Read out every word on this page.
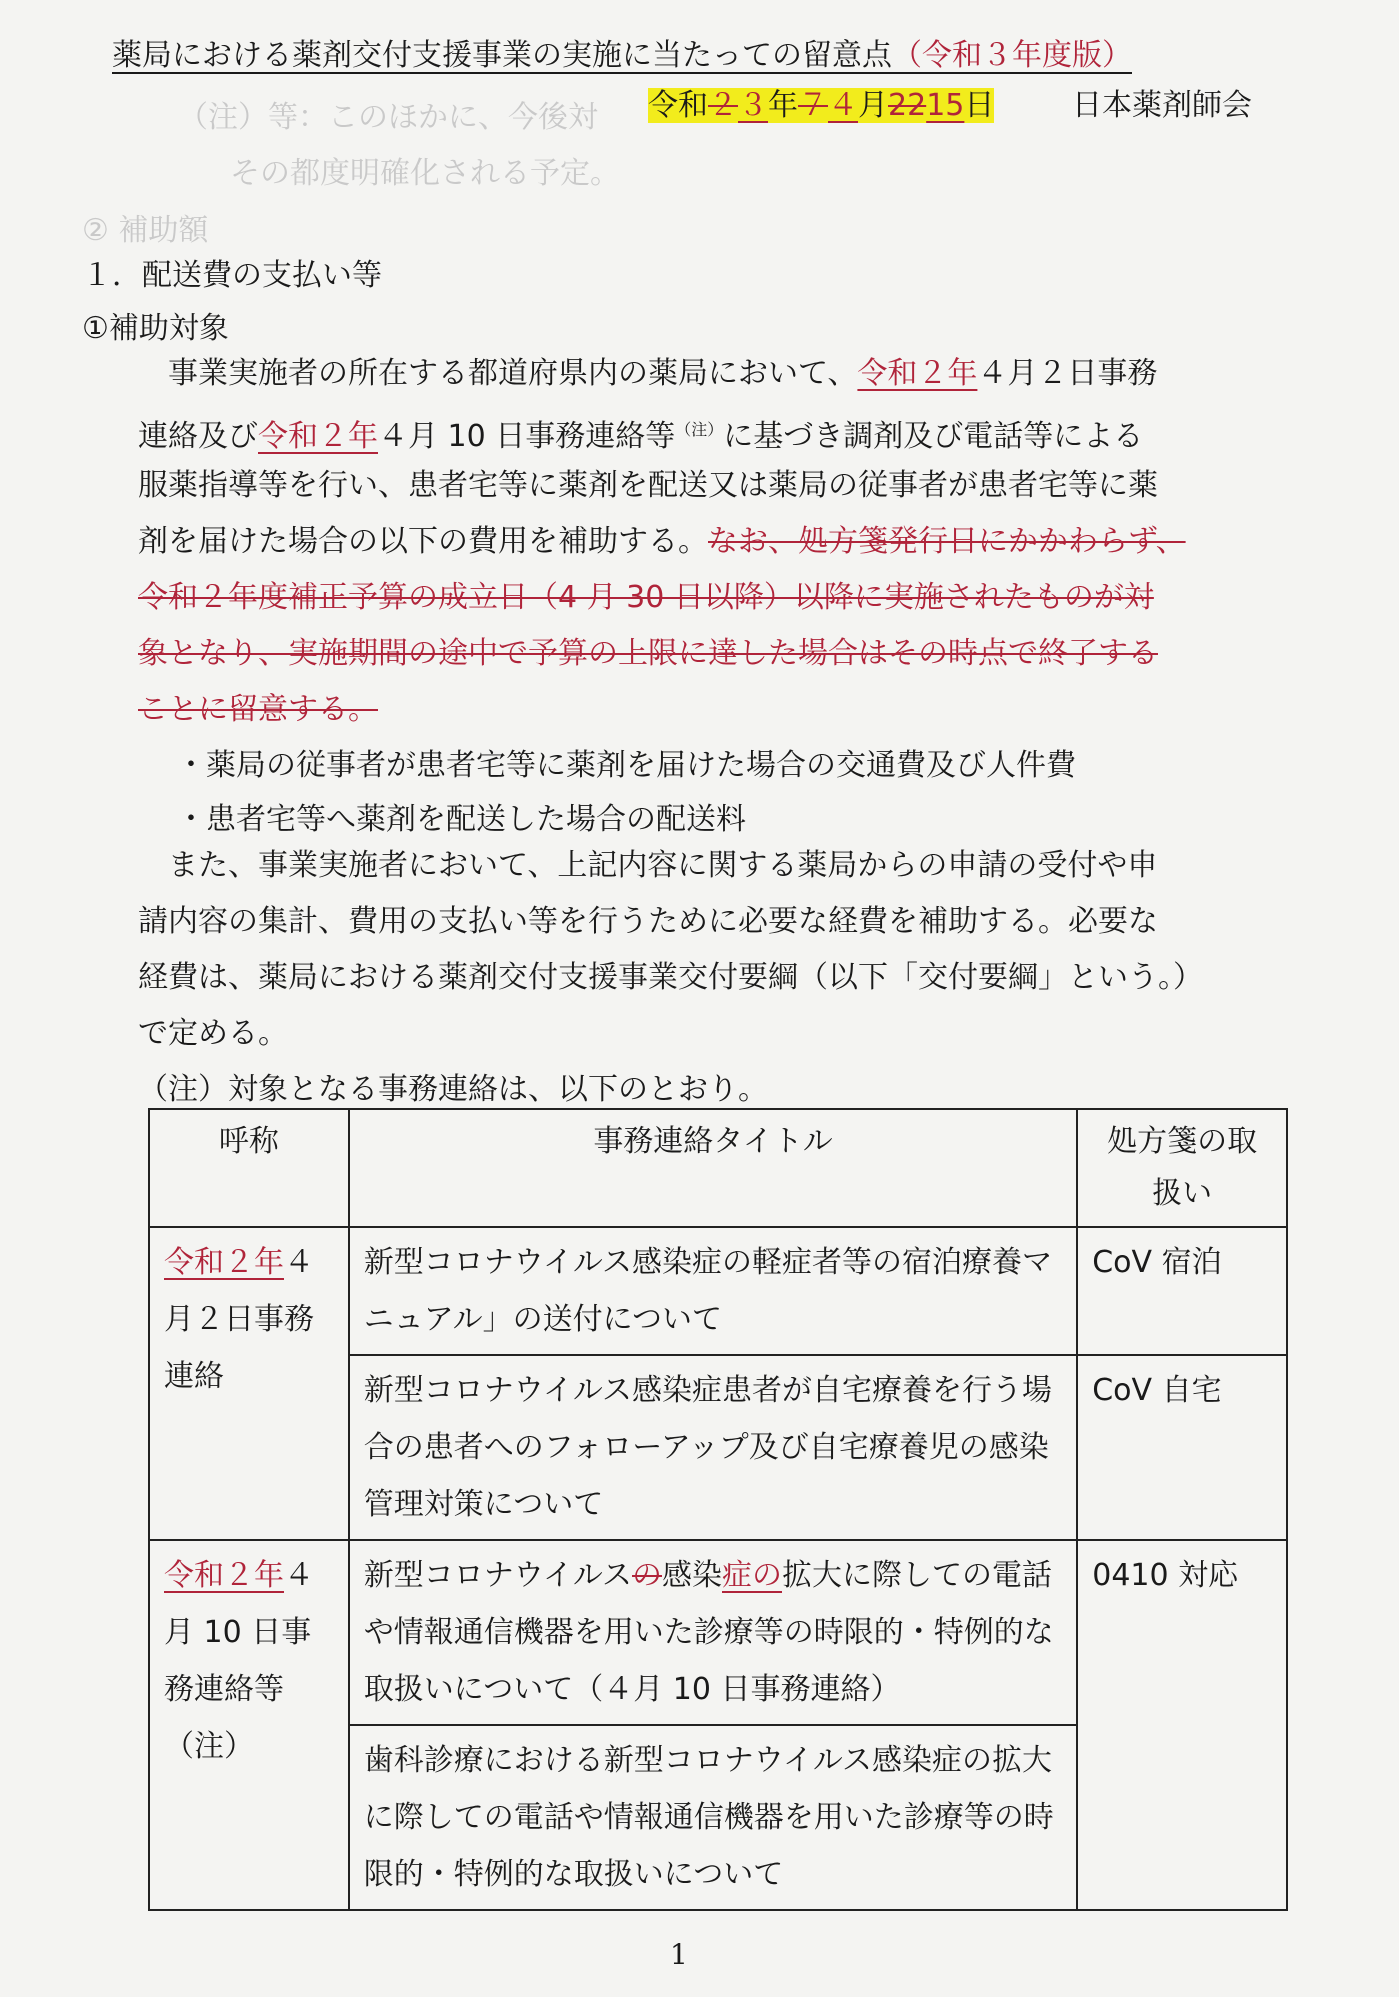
（注）等：このほかに、今後対
その都度明確化される予定。
② 補助額
薬局における薬剤交付支援事業の実施に当たっての留意点（令和３年度版）
令和２３年７４月2215日	日本薬剤師会
１．配送費の支払い等
①補助対象
事業実施者の所在する都道府県内の薬局において、令和２年４月２日事務
連絡及び令和２年４月 10 日事務連絡等$^{(注)}$に基づき調剤及び電話等による
服薬指導等を行い、患者宅等に薬剤を配送又は薬局の従事者が患者宅等に薬
剤を届けた場合の以下の費用を補助する。なお、処方箋発行日にかかわらず、
令和２年度補正予算の成立日（4 月 30 日以降）以降に実施されたものが対
象となり、実施期間の途中で予算の上限に達した場合はその時点で終了する
ことに留意する。
・薬局の従事者が患者宅等に薬剤を届けた場合の交通費及び人件費
・患者宅等へ薬剤を配送した場合の配送料
また、事業実施者において、上記内容に関する薬局からの申請の受付や申
請内容の集計、費用の支払い等を行うために必要な経費を補助する。必要な
経費は、薬局における薬剤交付支援事業交付要綱（以下「交付要綱」という。）
で定める。
（注）対象となる事務連絡は、以下のとおり。
呼称	事務連絡タイトル	処方箋の取扱い
令和２年４月２日事務連絡	新型コロナウイルス感染症の軽症者等の宿泊療養マニュアル」の送付について	CoV 宿泊
	新型コロナウイルス感染症患者が自宅療養を行う場合の患者へのフォローアップ及び自宅療養児の感染管理対策について	CoV 自宅
令和２年４月 10 日事務連絡等（注）	新型コロナウイルスの感染症の拡大に際しての電話や情報通信機器を用いた診療等の時限的・特例的な取扱いについて（４月 10 日事務連絡）	0410 対応
	歯科診療における新型コロナウイルス感染症の拡大に際しての電話や情報通信機器を用いた診療等の時限的・特例的な取扱いについて	
1
